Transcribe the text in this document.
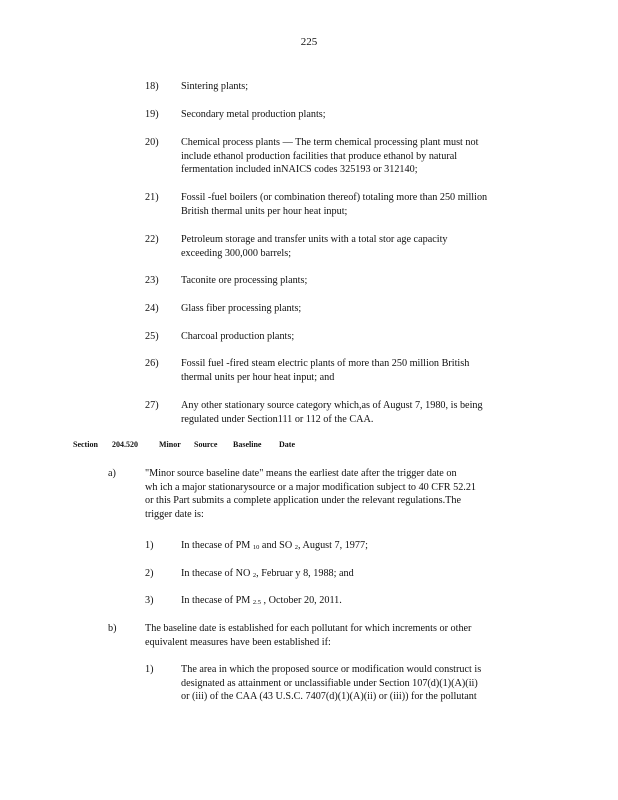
225
18) Sintering plants;
19) Secondary metal production plants;
20) Chemical process plants — The term chemical processing plant must not
include ethanol production facilities that produce ethanol by natural
fermentation included inNAICS codes 325193 or 312140;
21) Fossil -fuel boilers (or combination thereof) totaling more than 250 million
British thermal units per hour heat input;
22) Petroleum storage and transfer units with a total stor age capacity
exceeding 300,000 barrels;
23) Taconite ore processing plants;
24) Glass fiber processing plants;
25) Charcoal production plants;
26) Fossil fuel -fired steam electric plants of more than 250 million British
thermal units per hour heat input; and
27) Any other stationary source category which,as of August 7, 1980, is being
regulated under Section111 or 112 of the CAA.
Section 204.520	Minor Source Baseline Date
a)	"Minor source baseline date" means the earliest date after the trigger date on
wh ich a major stationarysource or a major modification subject to 40 CFR 52.21
or this Part submits a complete application under the relevant regulations.The
trigger date is:
1)	In thecase of PM $_{10}$ and SO $_2$, August 7, 1977;
2)	In thecase of NO $_2$, Februar y 8, 1988; and
3)	In thecase of PM $_{2.5}$ , October 20, 2011.
b)	The baseline date is established for each pollutant for which increments or other
equivalent measures have been established if:
1)	The area in which the proposed source or modification would construct is
designated as attainment or unclassifiable under Section 107(d)(1)(A)(ii)
or (iii) of the CAA (43 U.S.C. 7407(d)(1)(A)(ii) or (iii)) for the pollutant
